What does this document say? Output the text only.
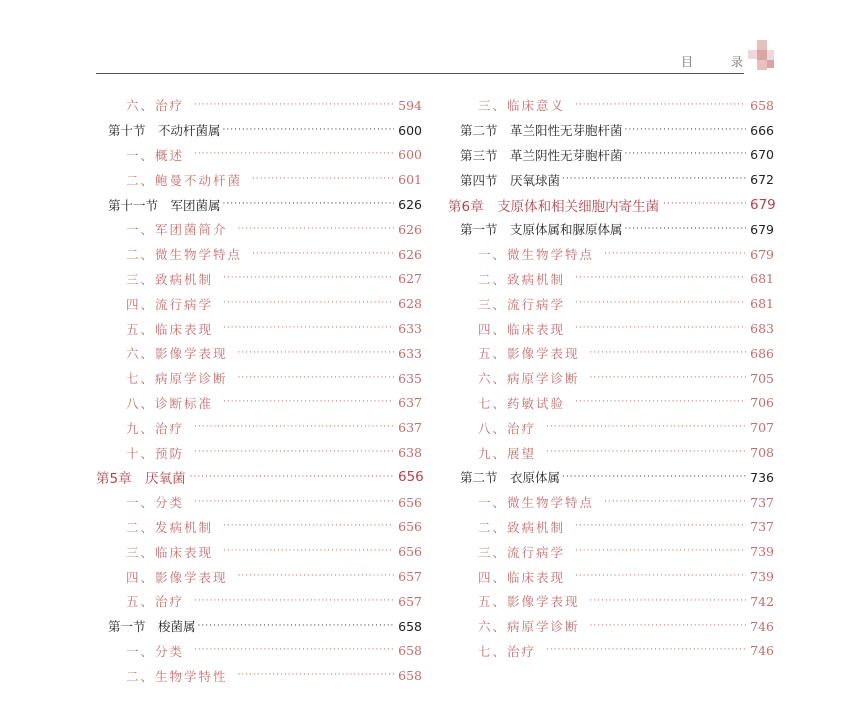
目	录
六、治疗 ·····	594
第十节　不动杆菌属 ·····	600
一、概述 ·····	600
二、鲍曼不动杆菌 ·····	601
第十一节　军团菌属 ·····	626
一、军团菌简介 ·····	626
二、微生物学特点 ·····	626
三、致病机制 ·····	627
四、流行病学 ·····	628
五、临床表现 ·····	633
六、影像学表现 ·····	633
七、病原学诊断 ·····	635
八、诊断标准 ·····	637
九、治疗 ·····	637
十、预防 ·····	638
第5章　厌氧菌 ·····	656
一、分类 ·····	656
二、发病机制 ·····	656
三、临床表现 ·····	656
四、影像学表现 ·····	657
五、治疗 ·····	657
第一节　梭菌属 ·····	658
一、分类 ·····	658
二、生物学特性 ·····	658
三、临床意义 ·····	658
第二节　革兰阳性无芽胞杆菌 ·····	666
第三节　革兰阴性无芽胞杆菌 ·····	670
第四节　厌氧球菌 ·····	672
第6章　支原体和相关细胞内寄生菌 ·····	679
第一节　支原体属和脲原体属 ·····	679
一、微生物学特点 ·····	679
二、致病机制 ·····	681
三、流行病学 ·····	681
四、临床表现 ·····	683
五、影像学表现 ·····	686
六、病原学诊断 ·····	705
七、药敏试验 ·····	706
八、治疗 ·····	707
九、展望 ·····	708
第二节　衣原体属 ·····	736
一、微生物学特点 ·····	737
二、致病机制 ·····	737
三、流行病学 ·····	739
四、临床表现 ·····	739
五、影像学表现 ·····	742
六、病原学诊断 ·····	746
七、治疗 ·····	746
